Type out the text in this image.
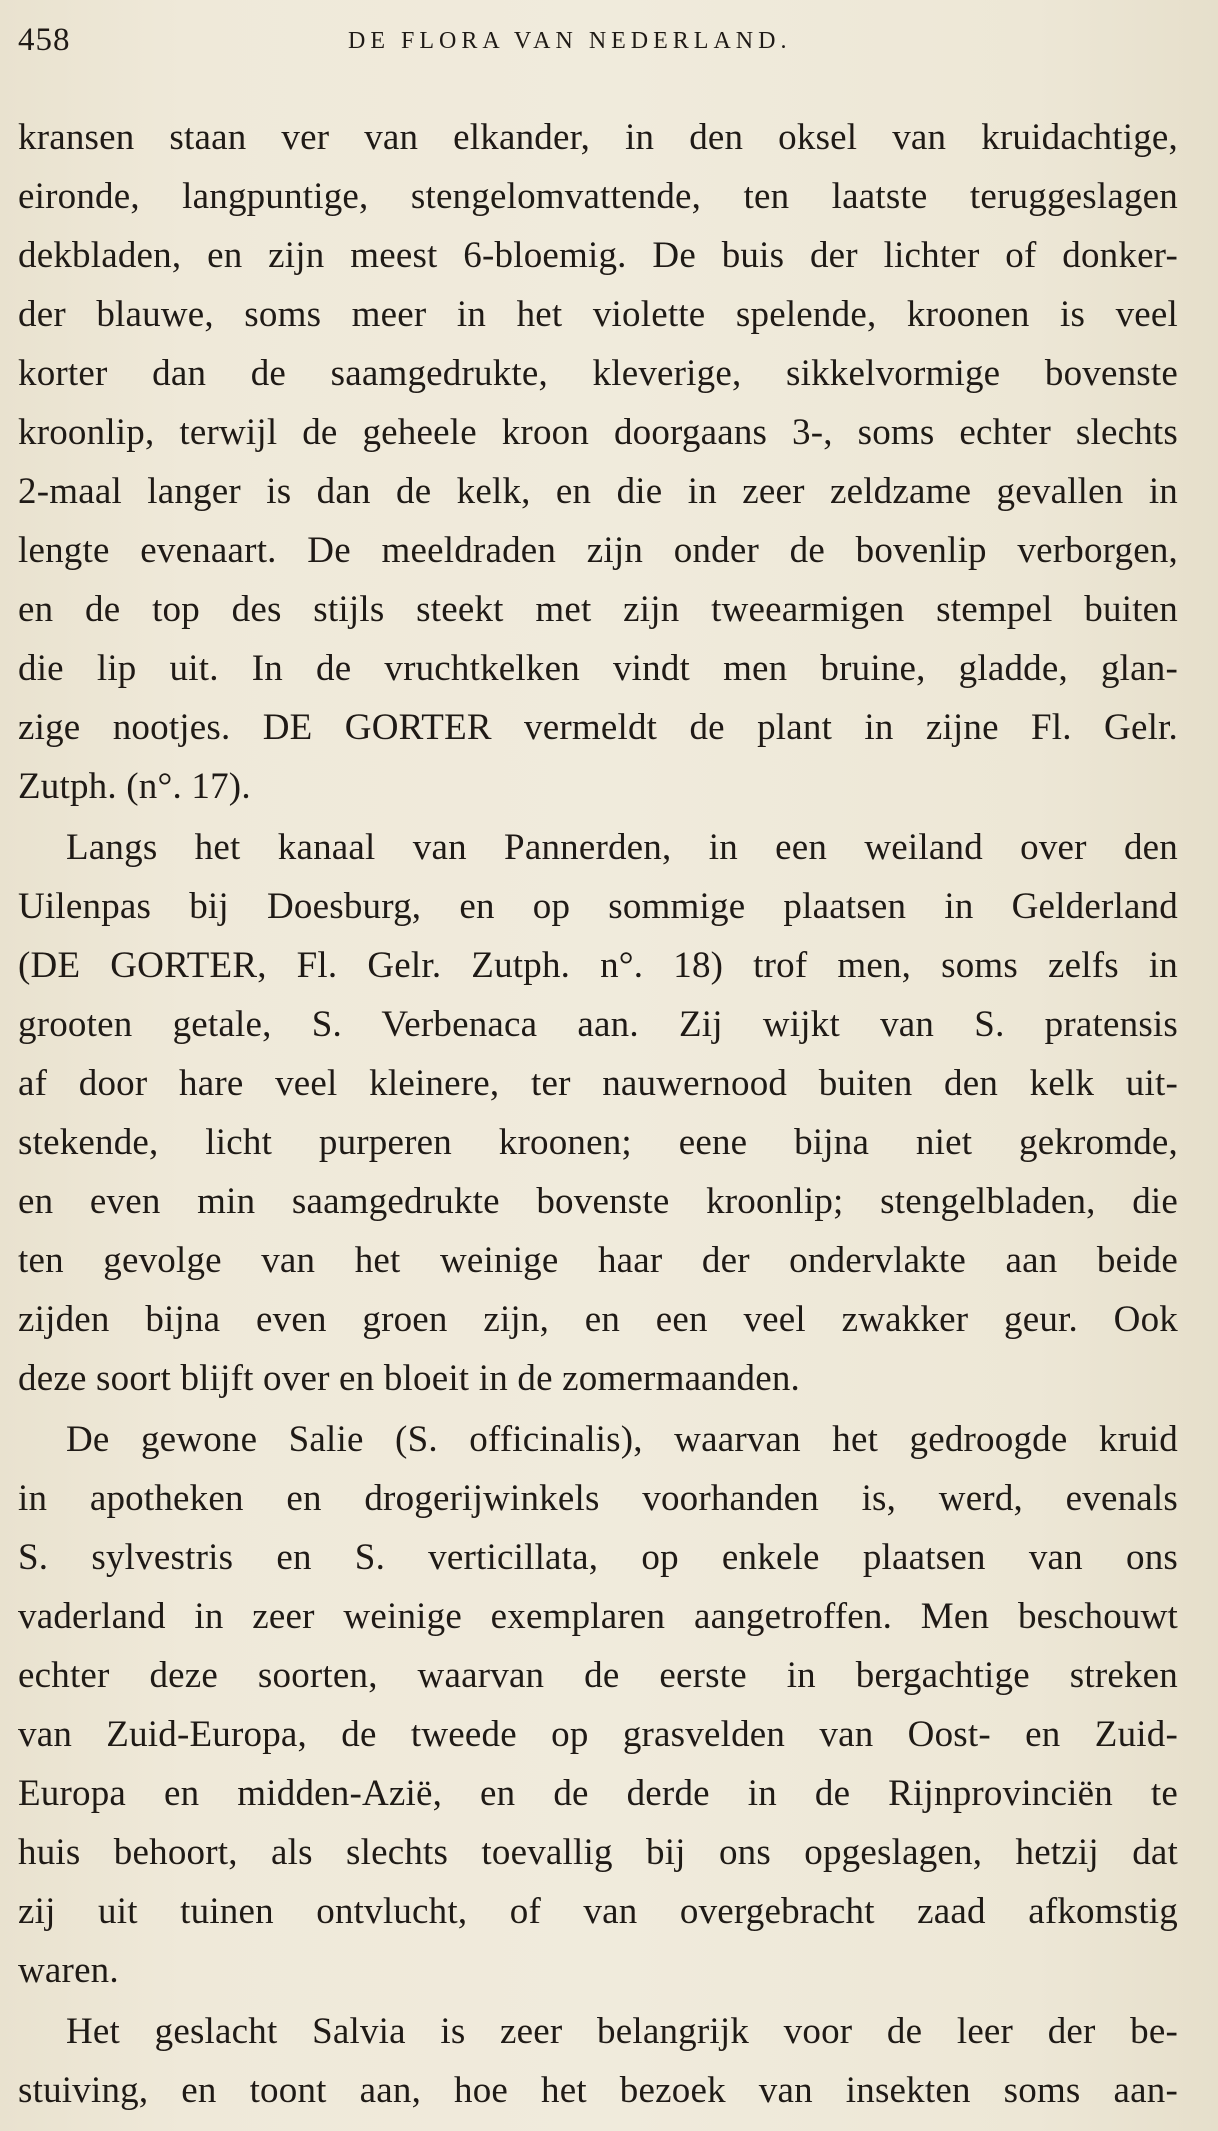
458	DE FLORA VAN NEDERLAND.
kransen staan ver van elkander, in den oksel van kruidachtige,
eironde, langpuntige, stengelomvattende, ten laatste teruggeslagen
dekbladen, en zijn meest 6-bloemig. De buis der lichter of donker-
der blauwe, soms meer in het violette spelende, kroonen is veel
korter dan de saamgedrukte, kleverige, sikkelvormige bovenste
kroonlip, terwijl de geheele kroon doorgaans 3-, soms echter slechts
2-maal langer is dan de kelk, en die in zeer zeldzame gevallen in
lengte evenaart. De meeldraden zijn onder de bovenlip verborgen,
en de top des stijls steekt met zijn tweearmigen stempel buiten
die lip uit. In de vruchtkelken vindt men bruine, gladde, glan-
zige nootjes. DE GORTER vermeldt de plant in zijne Fl. Gelr.
Zutph. (n°. 17).
Langs het kanaal van Pannerden, in een weiland over den
Uilenpas bij Doesburg, en op sommige plaatsen in Gelderland
(DE GORTER, Fl. Gelr. Zutph. n°. 18) trof men, soms zelfs in
grooten getale, S. Verbenaca aan. Zij wijkt van S. pratensis
af door hare veel kleinere, ter nauwernood buiten den kelk uit-
stekende, licht purperen kroonen; eene bijna niet gekromde,
en even min saamgedrukte bovenste kroonlip; stengelbladen, die
ten gevolge van het weinige haar der ondervlakte aan beide
zijden bijna even groen zijn, en een veel zwakker geur. Ook
deze soort blijft over en bloeit in de zomermaanden.
De gewone Salie (S. officinalis), waarvan het gedroogde kruid
in apotheken en drogerijwinkels voorhanden is, werd, evenals
S. sylvestris en S. verticillata, op enkele plaatsen van ons
vaderland in zeer weinige exemplaren aangetroffen. Men beschouwt
echter deze soorten, waarvan de eerste in bergachtige streken
van Zuid-Europa, de tweede op grasvelden van Oost- en Zuid-
Europa en midden-Azië, en de derde in de Rijnprovinciën te
huis behoort, als slechts toevallig bij ons opgeslagen, hetzij dat
zij uit tuinen ontvlucht, of van overgebracht zaad afkomstig
waren.
Het geslacht Salvia is zeer belangrijk voor de leer der be-
stuiving, en toont aan, hoe het bezoek van insekten soms aan-
